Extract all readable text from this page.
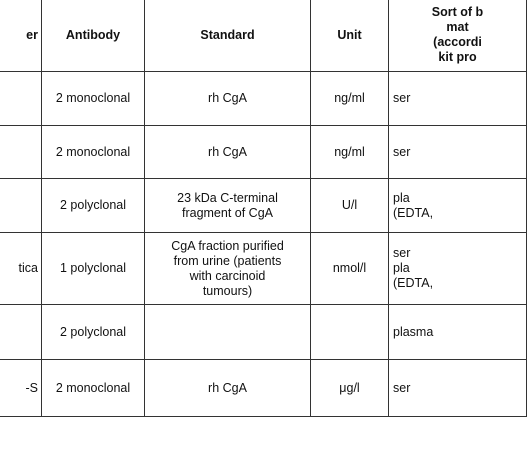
er	Antibody	Standard	Unit	Sort of b
mat
(accordi
kit pro
	2 monoclonal	rh CgA	ng/ml	ser
	2 monoclonal	rh CgA	ng/ml	ser
	2 polyclonal	23 kDa C-terminal
fragment of CgA	U/l	pla
(EDTA,
tica	1 polyclonal	CgA fraction purified
from urine (patients
with carcinoid
tumours)	nmol/l	ser
pla
(EDTA,
	2 polyclonal			plasma
-S	2 monoclonal	rh CgA	μg/l	ser
